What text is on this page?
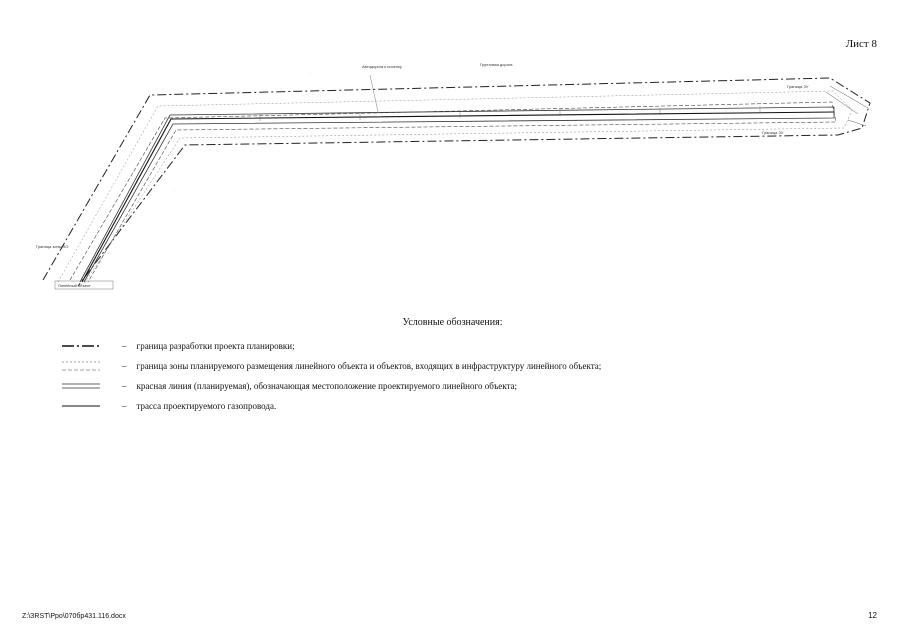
Лист 8
Автодорога к поселку	Грунтовая дорога
Граница зоны ЛО
Линейный объект
Граница ЗУ
Граница ЗУ
Условные обозначения:
– граница разработки проекта планировки;
– граница зоны планируемого размещения линейного объекта и объектов, входящих в инфраструктуру линейного объекта;
– красная линия (планируемая), обозначающая местоположение проектируемого линейного объекта;
– трасса проектируемого газопровода.
Z:\ЗRST\Рро\070бр431.116.docx	12
